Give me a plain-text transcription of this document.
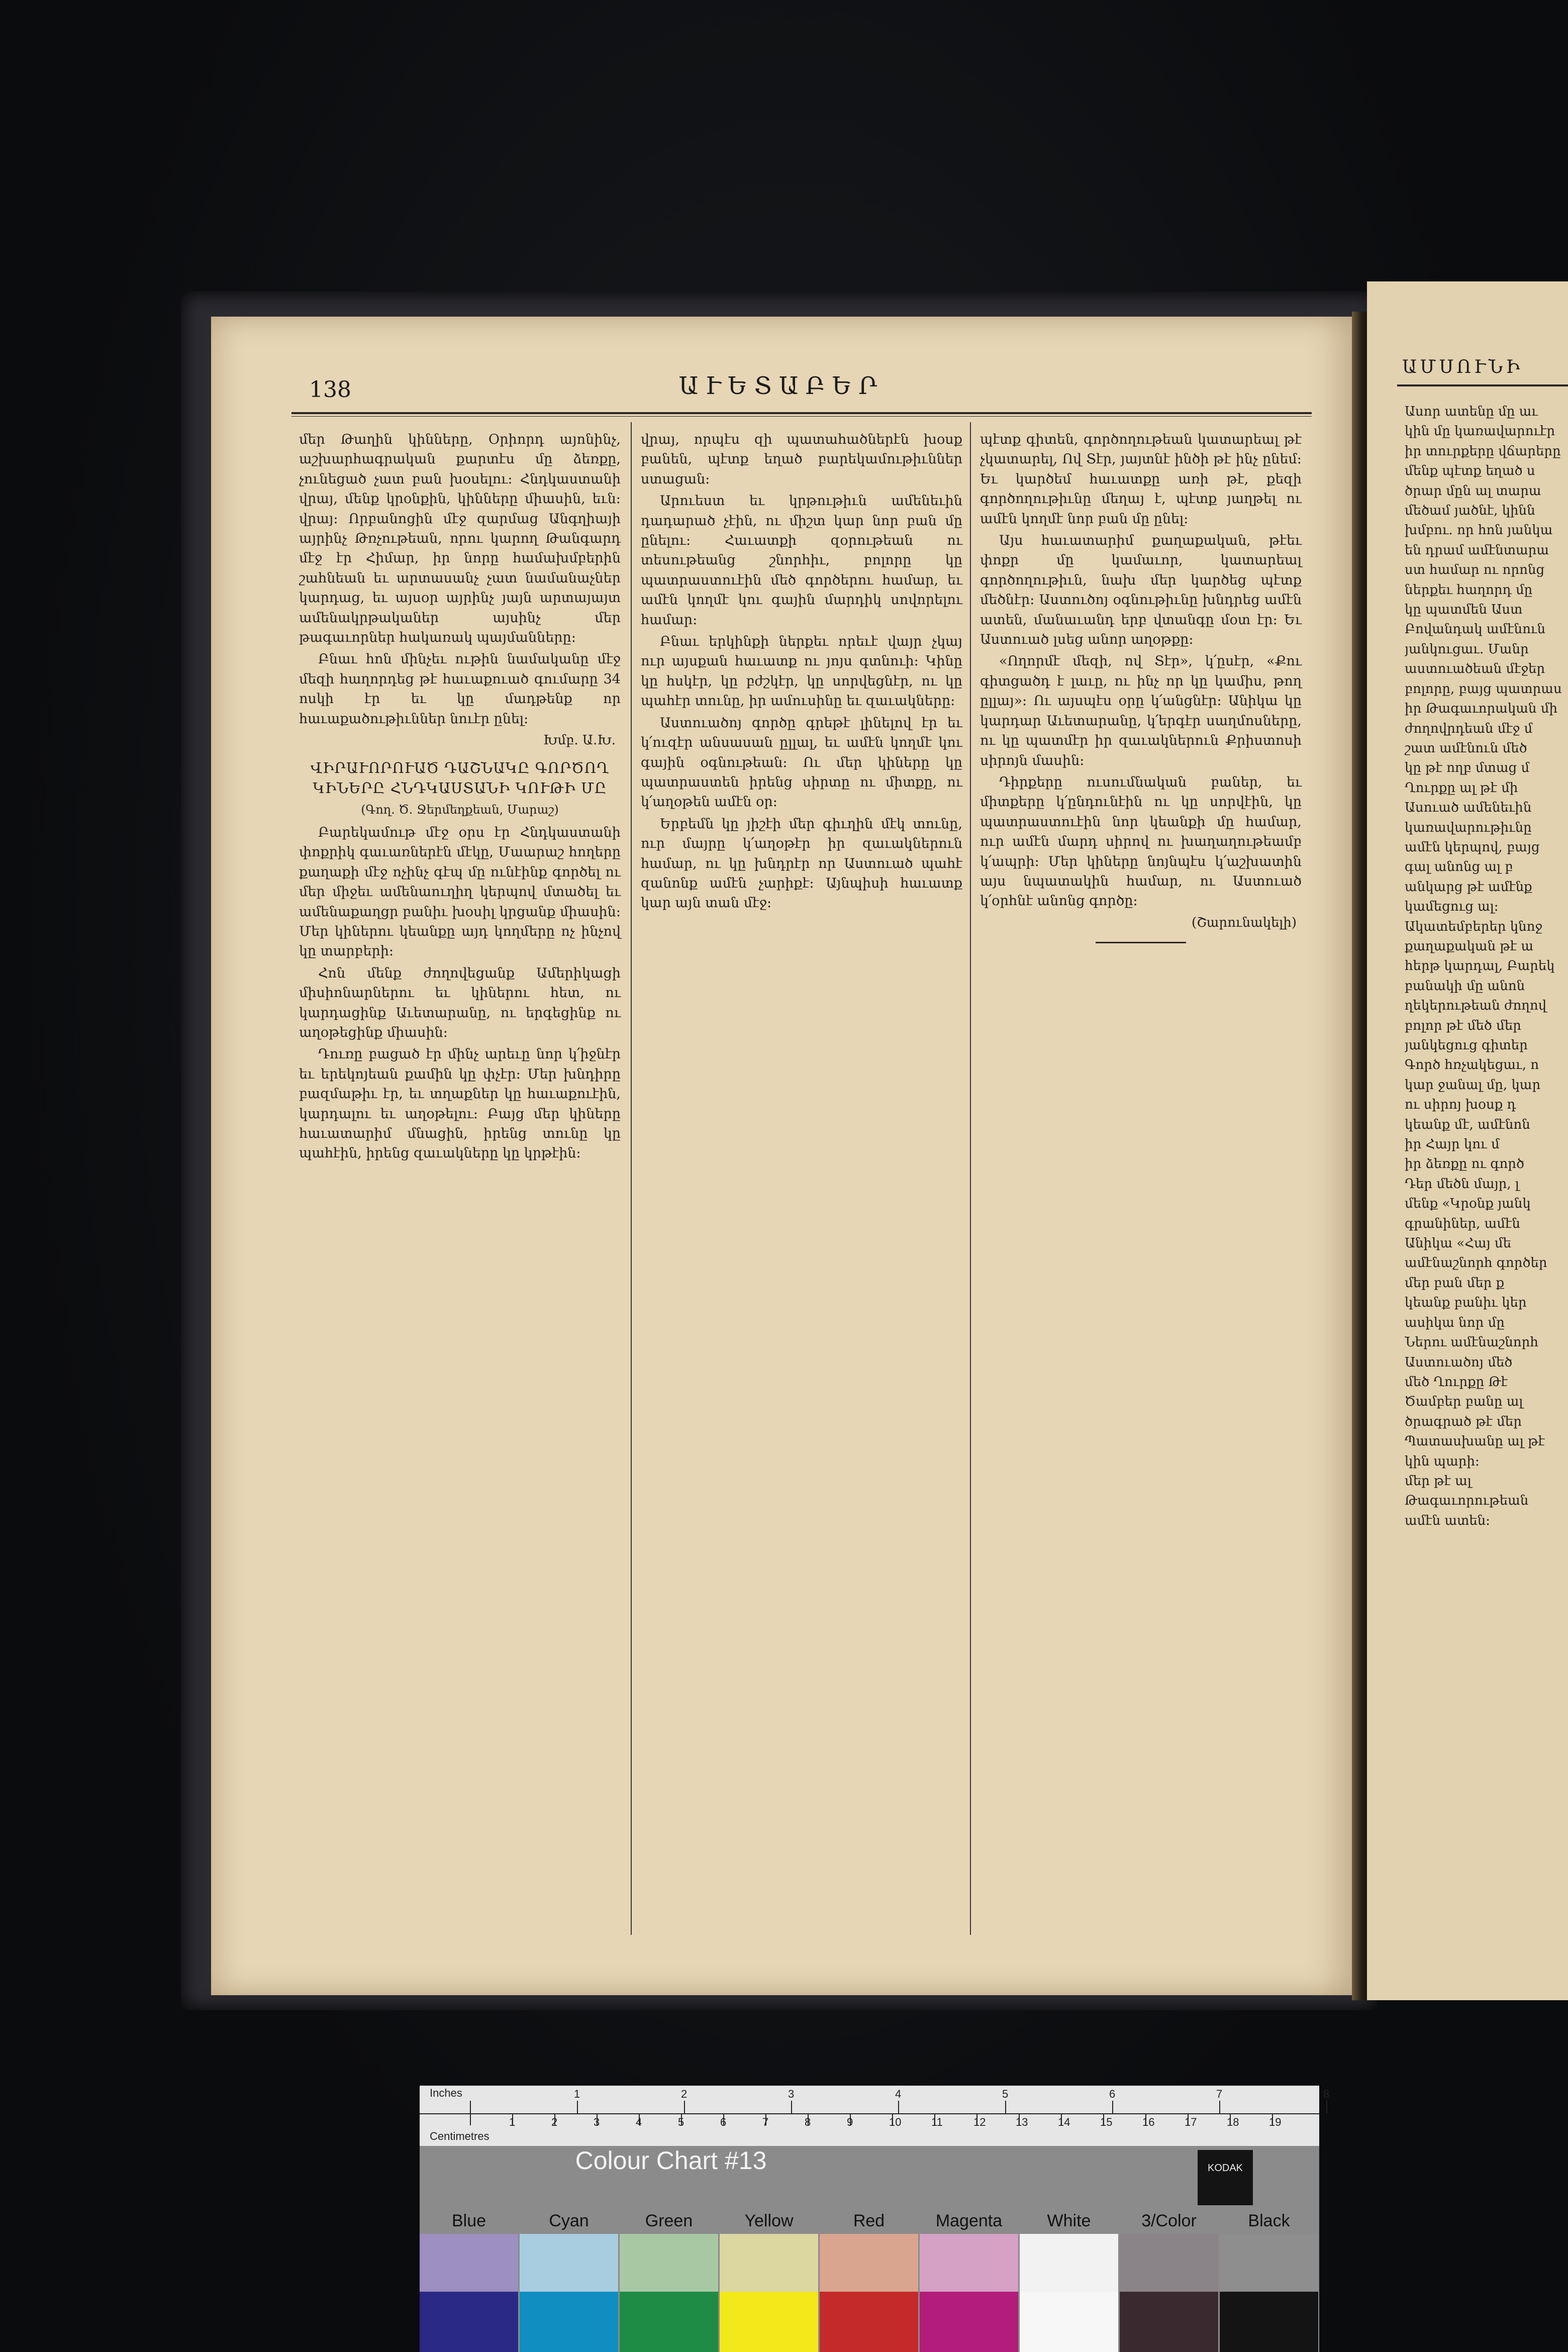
138	ԱՒԵՏԱԲԵՐ

մեր Թաղին կինները, Օրիորդ այոնինչ, աշխարհագրական քարտէս մը ձեռքը, չունեցած չատ բան խօսելու։ Հնդկաստանի վրայ, մենք կրօնքին, կինները միասին, եւն։ վրայ։ Որբանոցին մէջ զարմաց Անգղիայի այրինչ Թռչութեան, որու կարող Թանգարդ մէջ էր Հիմար, իր նորը համախմբերին շահնեան եւ արտասանչ չատ նամանաչներ կարդաց, եւ այսօր այրինչ յայն արտայայտ ամենակրթականեր այսինչ մեր թագաւորներ հակառակ պայմանները։

Բնաւ հոն մինչեւ ութին նամականը մէջ մեզի հաղորդեց թէ հաւաքուած գումարը 34 ոսկի էր եւ կը մադթենք որ հաւաքածութիւններ նուէր ընել։

Խմբ. Ա.Խ.
ՎԻՐԱՒՈՐՈՒԱԾ ԴԱՇՆԱԿԸ ԳՈՐԾՈՂ ԿԻՆԵՐԸ ՀՆԴԿԱՍՏԱՆԻ ԿՈՒԹԻ ՄԸ
(Գող. Ծ. Ջերմեղքեան, Մարաշ)

Բարեկամութ մէջ օրս էր Հնդկաստանի փոքրիկ գաւառներէն մէկը, Մաարաշ հողերը քաղաքի մէջ ոչինչ գէպ մը ունէինք գործել ու մեր միջեւ ամենաուղիղ կերպով մտածել եւ ամենաքաղցր բանիւ խօսիլ կրցանք միասին։ Մեր կիներու կեանքը այդ կողմերը ոչ ինչով կը տարբերի։

Հոն մենք ժողովեցանք Ամերիկացի միսիոնարներու եւ կիներու հետ, ու կարդացինք Աւետարանը, ու երգեցինք ու աղօթեցինք միասին։

Դուռը բացած էր մինչ արեւը նոր կ՛իջնէր եւ երեկոյեան քամին կը փչէր։ Մեր խնդիրը բազմաթիւ էր, եւ տղաքներ կը հաւաքուէին, կարդալու եւ աղօթելու։ Բայց մեր կիները հաւատարիմ մնացին, իրենց տունը կը պահէին, իրենց զաւակները կը կրթէին։

վրայ, որպէս զի պատահածներէն խօսք բանեն, պէտք եղած բարեկամութիւններ ստացան։

Արուեստ եւ կրթութիւն ամենեւին դադարած չէին, ու միշտ կար նոր բան մը ընելու։ Հաւատքի զօրութեան ու տեսութեանց շնորհիւ, բոլորը կը պատրաստուէին մեծ գործերու համար, եւ ամէն կողմէ կու գային մարդիկ սովորելու համար։

Բնաւ երկինքի ներքեւ որեւէ վայր չկայ ուր այսքան հաւատք ու յոյս գտնուի։ Կինը կը հսկէր, կը բժշկէր, կը սորվեցնէր, ու կը պահէր տունը, իր ամուսինը եւ զաւակները։

Աստուածոյ գործը գրեթէ լինելով էր եւ կ՛ուզէր անսասան ըլլալ, եւ ամէն կողմէ կու գային օգնութեան։ Ու մեր կիները կը պատրաստեն իրենց սիրտը ու միտքը, ու կ՛աղօթեն ամէն օր։

Երբեմն կը յիշէի մեր գիւղին մէկ տունը, ուր մայրը կ՛աղօթէր իր զաւակներուն համար, ու կը խնդրէր որ Աստուած պահէ զանոնք ամէն չարիքէ։ Այնպիսի հաւատք կար այն տան մէջ։

պէտք գիտեն, գործողութեան կատարեալ թէ չկատարել, Ով Տէր, յայտնէ ինծի թէ ինչ ընեմ։ Եւ կարծեմ հաւատքը առի թէ, քեզի գործողութիւնը մեղայ է, պէտք յաղթել ու ամէն կողմէ նոր բան մը ընել։

Այս հաւատարիմ քաղաքական, թէեւ փոքր մը կամաւոր, կատարեալ գործողութիւն, նախ մեր կարծեց պէտք մեծնէր։ Աստուծոյ օգնութիւնը խնդրեց ամէն ատեն, մանաւանդ երբ վտանգը մօտ էր։ Եւ Աստուած լսեց անոր աղօթքը։

«Ողորմէ մեզի, ով Տէր», կ՛ըսէր, «Քու գիտցածդ է լաւը, ու ինչ որ կը կամիս, թող ըլլայ»։ Ու այսպէս օրը կ՛անցնէր։ Անիկա կը կարդար Աւետարանը, կ՛երգէր սաղմոսները, ու կը պատմէր իր զաւակներուն Քրիստոսի սիրոյն մասին։

Դիրքերը ուսումնական բաներ, եւ միտքերը կ՛ընդունէին ու կը սորվէին, կը պատրաստուէին նոր կեանքի մը համար, ուր ամէն մարդ սիրով ու խաղաղութեամբ կ՛ապրի։ Մեր կիները նոյնպէս կ՛աշխատին այս նպատակին համար, ու Աստուած կ՛օրհնէ անոնց գործը։

(Շարունակելի)
ԱՄՍՈՒՆԻ
Ասոր ատենը մը աւ
կին մը կառավարուէր
իր տուրքերը վճարերը
մենք պէտք եղած ս
ծրար մըն ալ տարա
մեծամ յածնէ, կինն
խմբու. որ հոն յանկա
են դրամ ամէնտարա
ստ համար ու որոնց
ներքեւ հաղորդ մը
կը պատմեն Աստ
Բովանդակ ամէնուն
յանկուցաւ. Մանր
աստուածեան մէջեր
բոլորը, բայց պատրաս
իր Թագաւորական մի
ժողովրդեան մէջ մ
շատ ամէնուն մեծ
կը թէ ողբ մտաց մ
Ղուրքը ալ թէ մի
Ասուած ամենեւին
կառավարութիւնը
ամէն կերպով, բայց
գալ անոնց ալ բ
անկարց թէ ամէնք
կամեցուց ալ։
Ակատեմբերեր կնոջ
քաղաքական թէ ա
հերթ կարդալ, Բարեկ
բանակի մը անոն
ղեկերութեան ժողով
բոլոր թէ մեծ մեր
յանկեցուց գիտեր
Գործ հռչակեցաւ, ո
կար ջանալ մը, կար
ու սիրոյ խօսք դ
կեանք մէ, ամէնոն
իր Հայր կու մ
իր ձեռքը ու գործ
Դեր մեծն մայր, լ
մենք «Կրօնք յանկ
գրանիներ, ամէն
Անիկա «Հայ մե
ամէնաշնորհ գործեր
մեր բան մեր ք
կեանք բանիւ կեր
ասիկա նոր մը
Ներու ամէնաշնորհ
Աստուածոյ մեծ
մեծ Ղուրքը Թէ
Ծամբեր բանը ալ
ծրագրած թէ մեր
Պատասխանը ալ թէ
կին պարի։
մեր թէ ալ
Թագաւորութեան
ամէն ատեն։
Inches
Centimetres
1	2	3	4	5	6	7	8	9	10	11	12	13	14	15	16	17	18	19
1	2	3	4	5	6	7	8
Colour Chart #13	KODAK
Blue	Cyan	Green	Yellow	Red	Magenta	White	3/Color	Black
